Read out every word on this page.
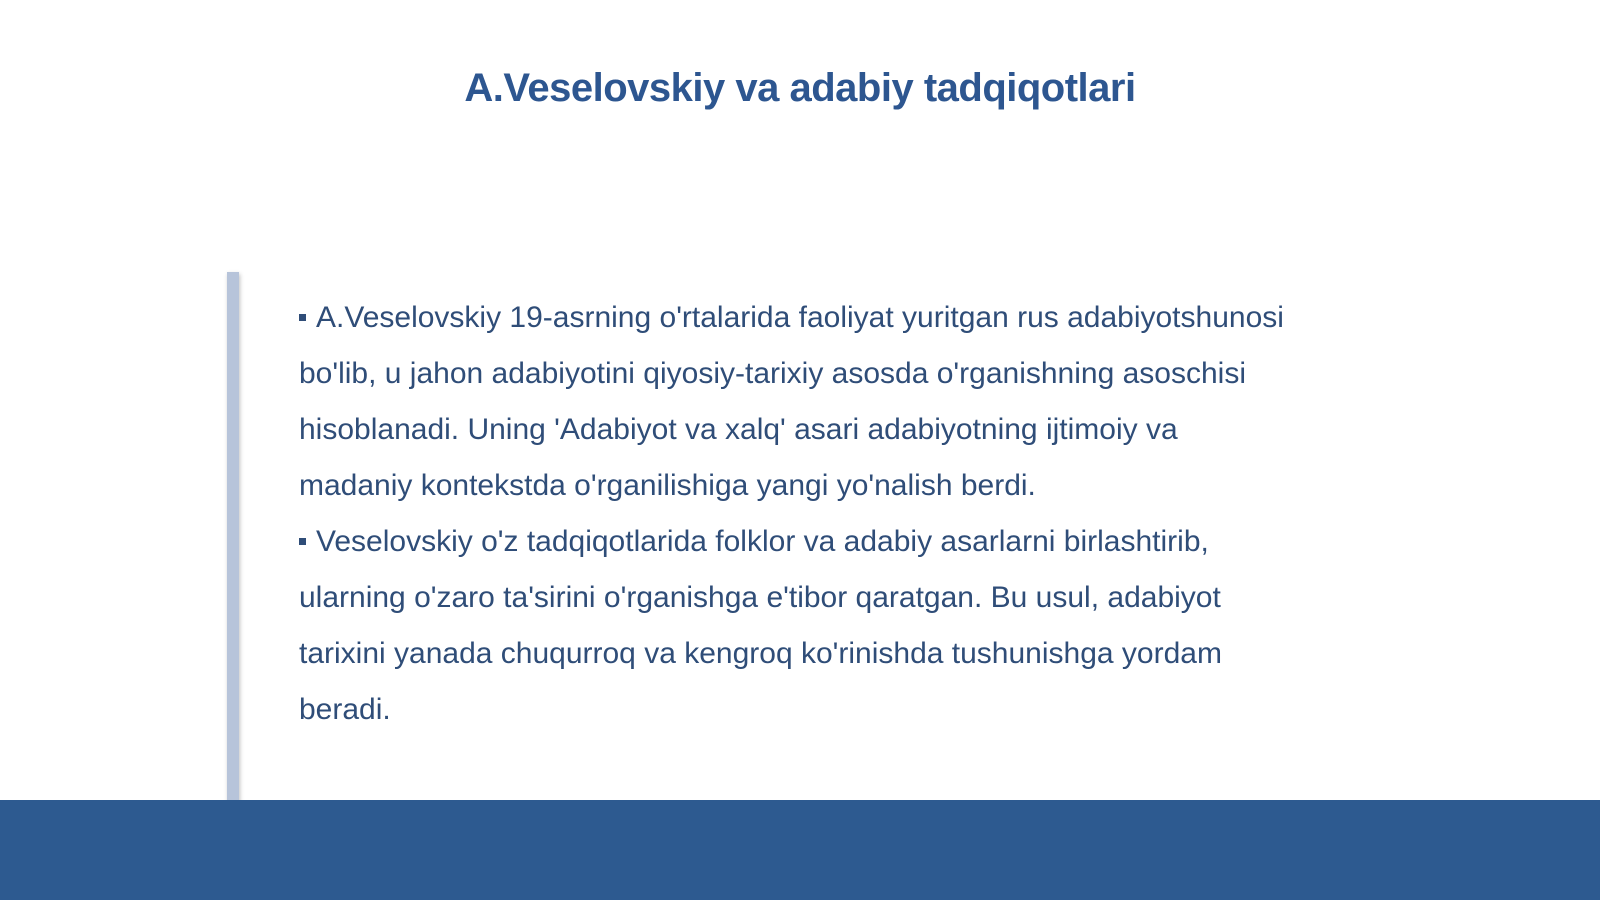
A.Veselovskiy va adabiy tadqiqotlari

A.Veselovskiy 19-asrning o'rtalarida faoliyat yuritgan rus adabiyotshunosi bo'lib, u jahon adabiyotini qiyosiy-tarixiy asosda o'rganishning asoschisi hisoblanadi. Uning 'Adabiyot va xalq' asari adabiyotning ijtimoiy va madaniy kontekstda o'rganilishiga yangi yo'nalish berdi.

Veselovskiy o'z tadqiqotlarida folklor va adabiy asarlarni birlashtirib, ularning o'zaro ta'sirini o'rganishga e'tibor qaratgan. Bu usul, adabiyot tarixini yanada chuqurroq va kengroq ko'rinishda tushunishga yordam beradi.
